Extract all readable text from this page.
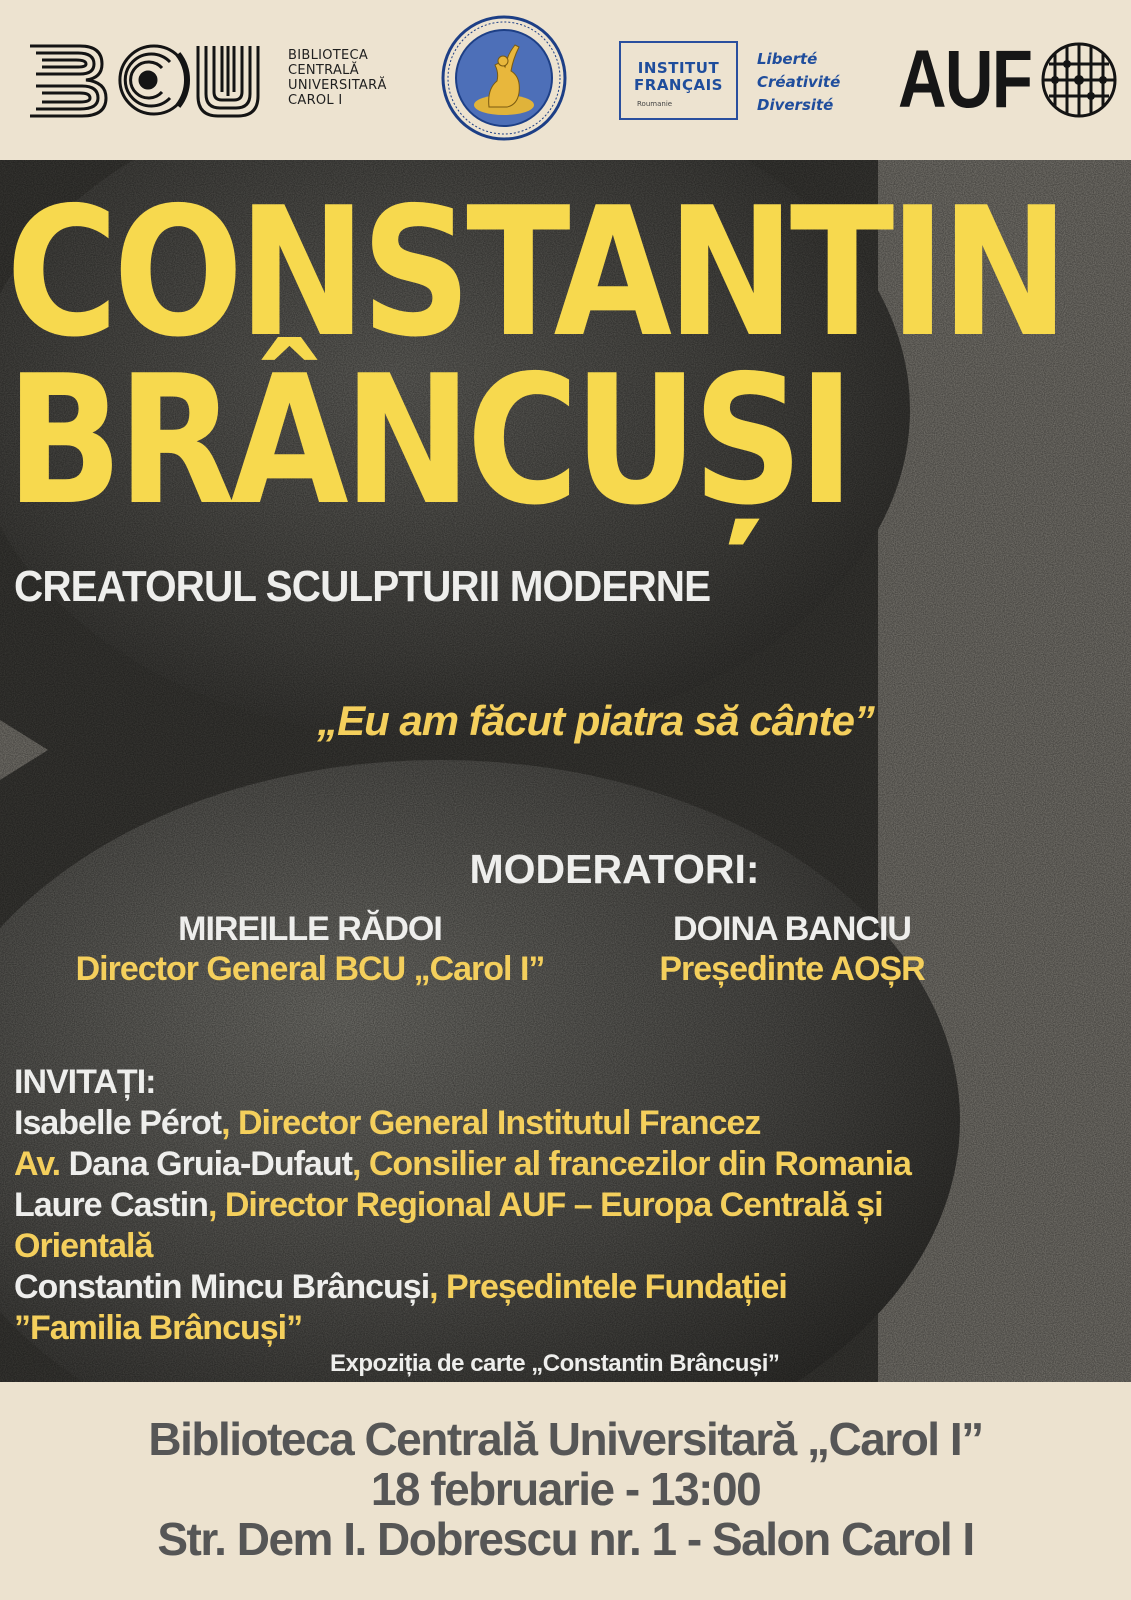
BIBLIOTECA
CENTRALĂ
UNIVERSITARĂ
CAROL I
INSTITUT
FRANÇAIS
Roumanie
Liberté
Créativité
Diversité AUF
CONSTANTIN
BRÂNCUȘI
CREATORUL SCULPTURII MODERNE
„Eu am făcut piatra să cânte”
MODERATORI:
MIREILLE RĂDOI
Director General BCU „Carol I”
DOINA BANCIU
Președinte AOȘR
INVITAȚI:
Isabelle Pérot, Director General Institutul Francez
Av. Dana Gruia-Dufaut, Consilier al francezilor din Romania
Laure Castin, Director Regional AUF – Europa Centrală și
Orientală
Constantin Mincu Brâncuși, Președintele Fundației
”Familia Brâncuși”
Expoziția de carte „Constantin Brâncuși”
Biblioteca Centrală Universitară „Carol I”
18 februarie - 13:00
Str. Dem I. Dobrescu nr. 1 - Salon Carol I
